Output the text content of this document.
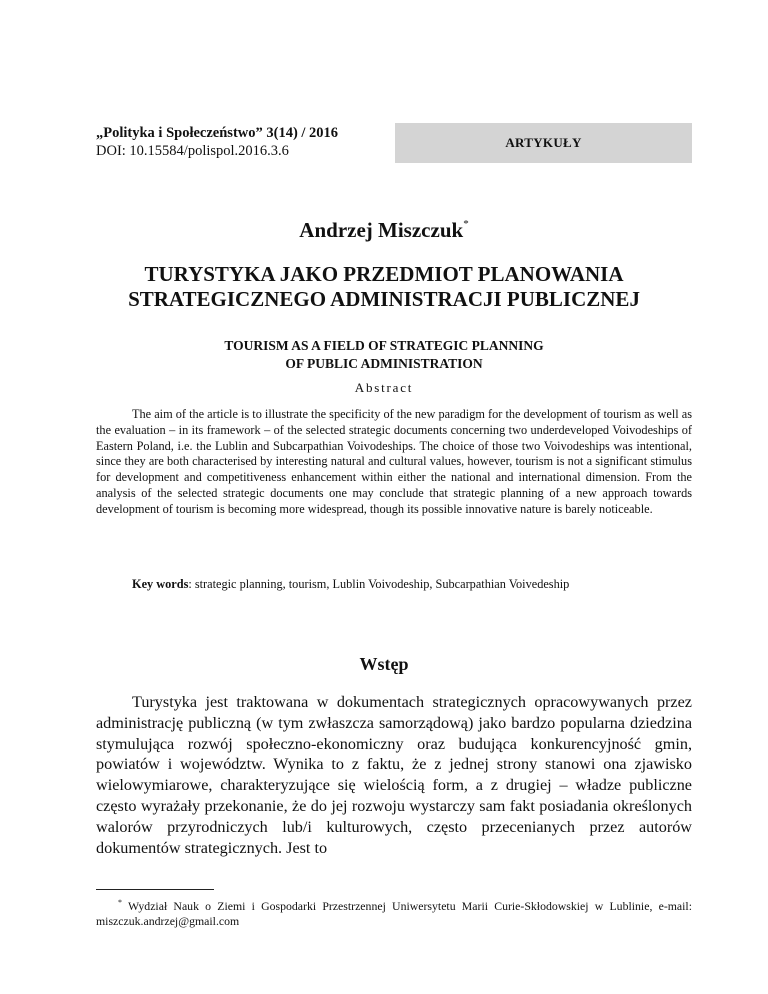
„Polityka i Społeczeństwo” 3(14) / 2016
DOI: 10.15584/polispol.2016.3.6
ARTYKUŁY
Andrzej Miszczuk*
TURYSTYKA JAKO PRZEDMIOT PLANOWANIA
STRATEGICZNEGO ADMINISTRACJI PUBLICZNEJ
TOURISM AS A FIELD OF STRATEGIC PLANNING
OF PUBLIC ADMINISTRATION
Abstract

The aim of the article is to illustrate the specificity of the new paradigm for the development of tourism as well as the evaluation – in its framework – of the selected strategic documents concerning two underdeveloped Voivodeships of Eastern Poland, i.e. the Lublin and Subcarpathian Voivodeships. The choice of those two Voivodeships was intentional, since they are both characterised by interesting natural and cultural values, however, tourism is not a significant stimulus for development and competitiveness enhancement within either the national and international dimension. From the analysis of the selected strategic documents one may conclude that strategic planning of a new approach towards development of tourism is becoming more widespread, though its possible innovative nature is barely noticeable.

Key words: strategic planning, tourism, Lublin Voivodeship, Subcarpathian Voivedeship

Wstęp

Turystyka jest traktowana w dokumentach strategicznych opracowywanych przez administrację publiczną (w tym zwłaszcza samorządową) jako bardzo popularna dziedzina stymulująca rozwój społeczno-ekonomiczny oraz budująca konkurencyjność gmin, powiatów i województw. Wynika to z faktu, że z jednej strony stanowi ona zjawisko wielowymiarowe, charakteryzujące się wielością form, a z drugiej – władze publiczne często wyrażały przekonanie, że do jej rozwoju wystarczy sam fakt posiadania określonych walorów przyrodniczych lub/i kulturowych, często przecenianych przez autorów dokumentów strategicznych. Jest to

* Wydział Nauk o Ziemi i Gospodarki Przestrzennej Uniwersytetu Marii Curie-Skłodowskiej w Lublinie, e-mail: miszczuk.andrzej@gmail.com
